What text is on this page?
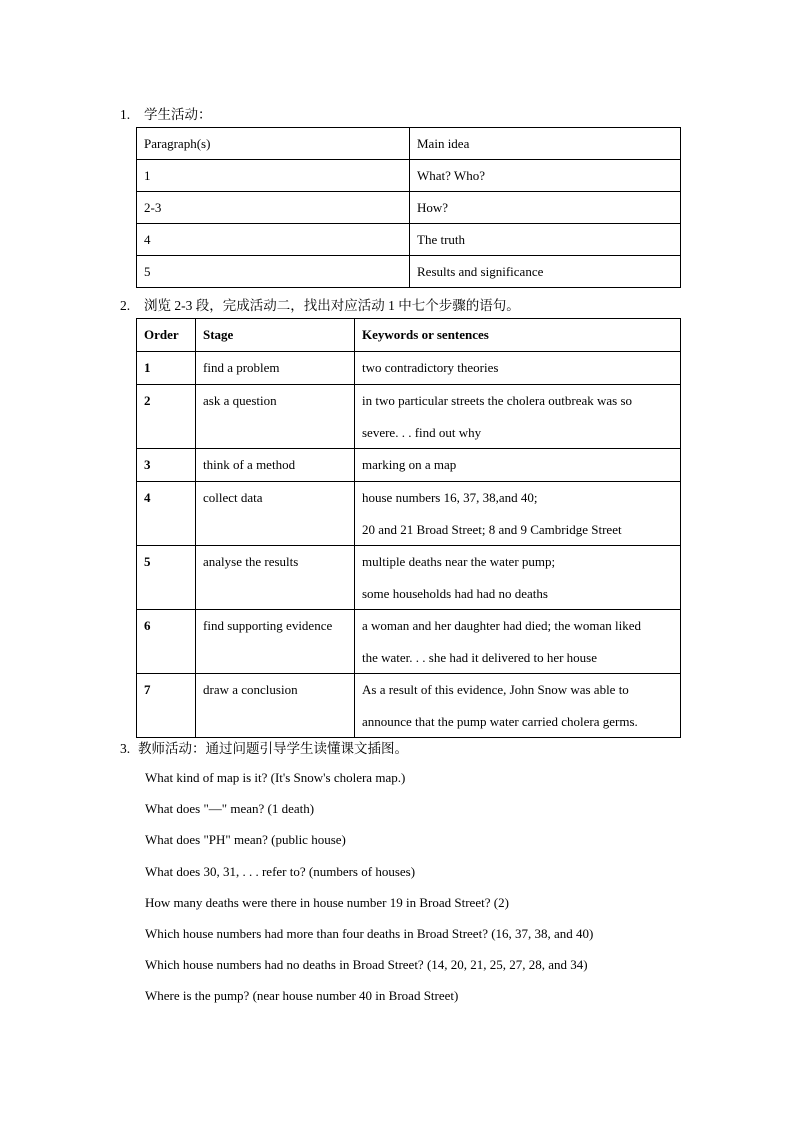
1. 学生活动：
Paragraph(s)	Main idea
1	What? Who?
2-3	How?
4	The truth
5	Results and significance
2. 浏览 2-3 段，完成活动二，找出对应活动 1 中七个步骤的语句。
Order	Stage	Keywords or sentences
1	find a problem	two contradictory theories

2	ask a question	in two particular streets the cholera outbreak was so
severe. . . find out why

3	think of a method	marking on a map

4	collect data	house numbers 16, 37, 38,and 40;
20 and 21 Broad Street; 8 and 9 Cambridge Street

5	analyse the results	multiple deaths near the water pump;
some households had had no deaths

6	find supporting evidence	a woman and her daughter had died; the woman liked
the water. . . she had it delivered to her house

7	draw a conclusion	As a result of this evidence, John Snow was able to
announce that the pump water carried cholera germs.
3. 教师活动：通过问题引导学生读懂课文插图。
What kind of map is it? (It's Snow's cholera map.)
What does "—" mean? (1 death)
What does "PH" mean? (public house)
What does 30, 31, . . . refer to? (numbers of houses)
How many deaths were there in house number 19 in Broad Street? (2)
Which house numbers had more than four deaths in Broad Street? (16, 37, 38, and 40)
Which house numbers had no deaths in Broad Street? (14, 20, 21, 25, 27, 28, and 34)
Where is the pump? (near house number 40 in Broad Street)
